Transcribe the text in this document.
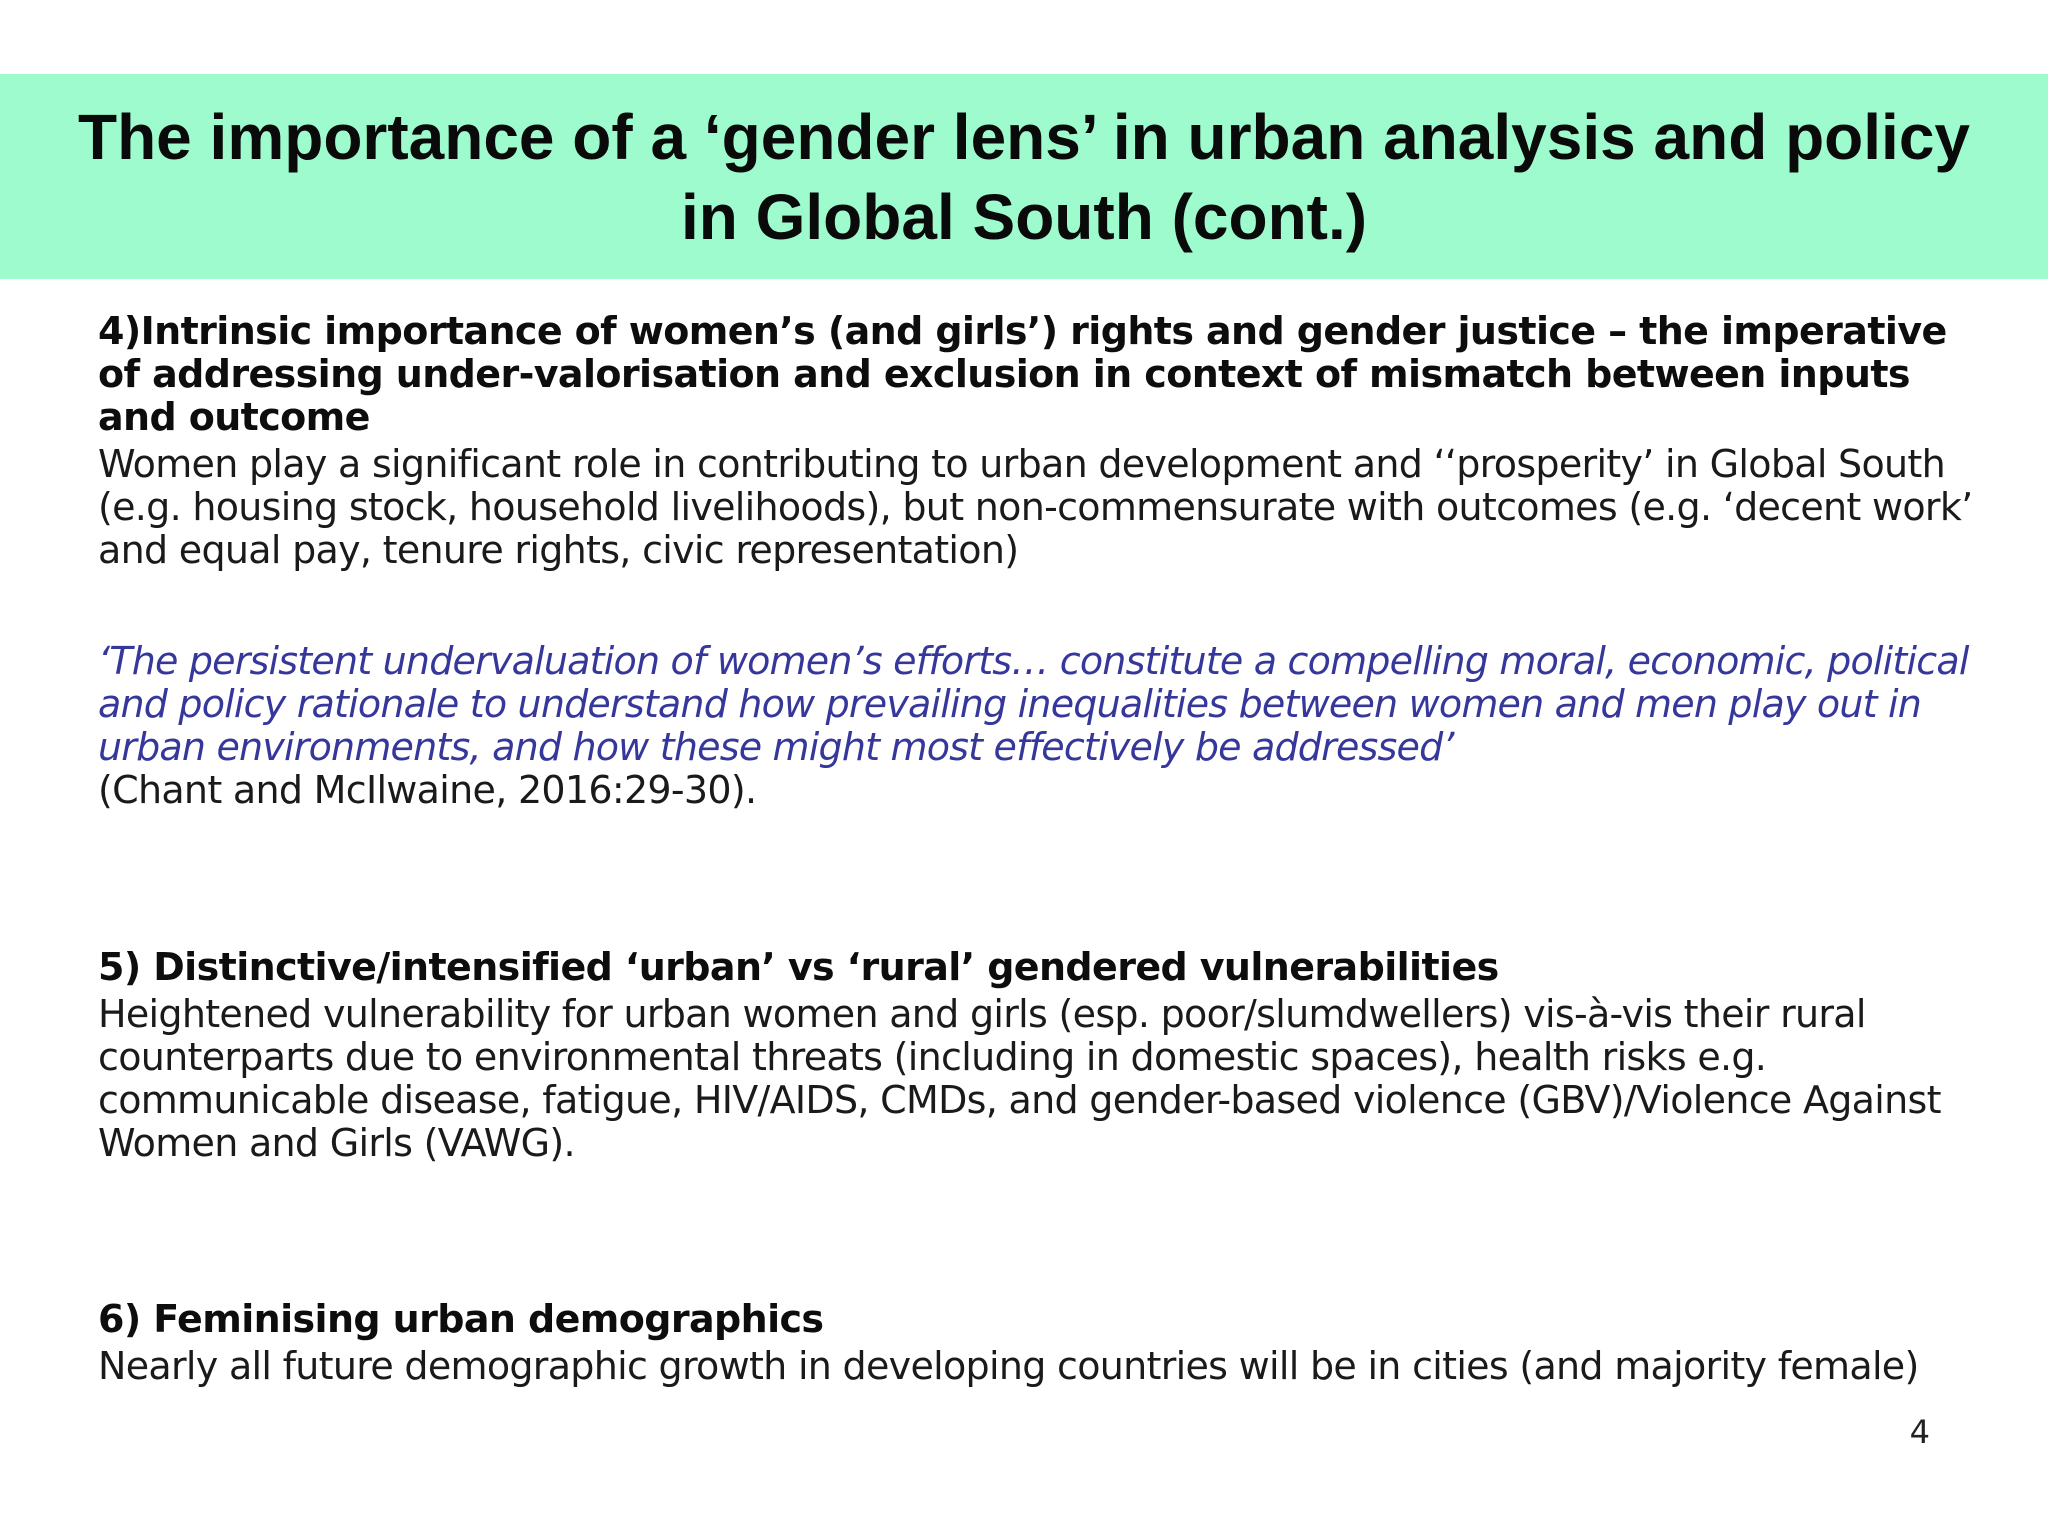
The importance of a ‘gender lens’ in urban analysis and policy in Global South (cont.)

4)Intrinsic importance of women’s (and girls’) rights and gender justice – the imperative of addressing under-valorisation and exclusion in context of mismatch between inputs and outcome

Women play a significant role in contributing to urban development and ‘‘prosperity’ in Global South (e.g. housing stock, household livelihoods), but non-commensurate with outcomes (e.g. ‘decent work’ and equal pay, tenure rights, civic representation)

‘The persistent undervaluation of women’s efforts… constitute a compelling moral, economic, political and policy rationale to understand how prevailing inequalities between women and men play out in urban environments, and how these might most effectively be addressed’

(Chant and McIlwaine, 2016:29-30).

5) Distinctive/intensified ‘urban’ vs ‘rural’ gendered vulnerabilities

Heightened vulnerability for urban women and girls (esp. poor/slumdwellers) vis-à-vis their rural counterparts due to environmental threats (including in domestic spaces), health risks e.g. communicable disease, fatigue, HIV/AIDS, CMDs, and gender-based violence (GBV)/Violence Against Women and Girls (VAWG).

6) Feminising urban demographics

Nearly all future demographic growth in developing countries will be in cities (and majority female)

4
